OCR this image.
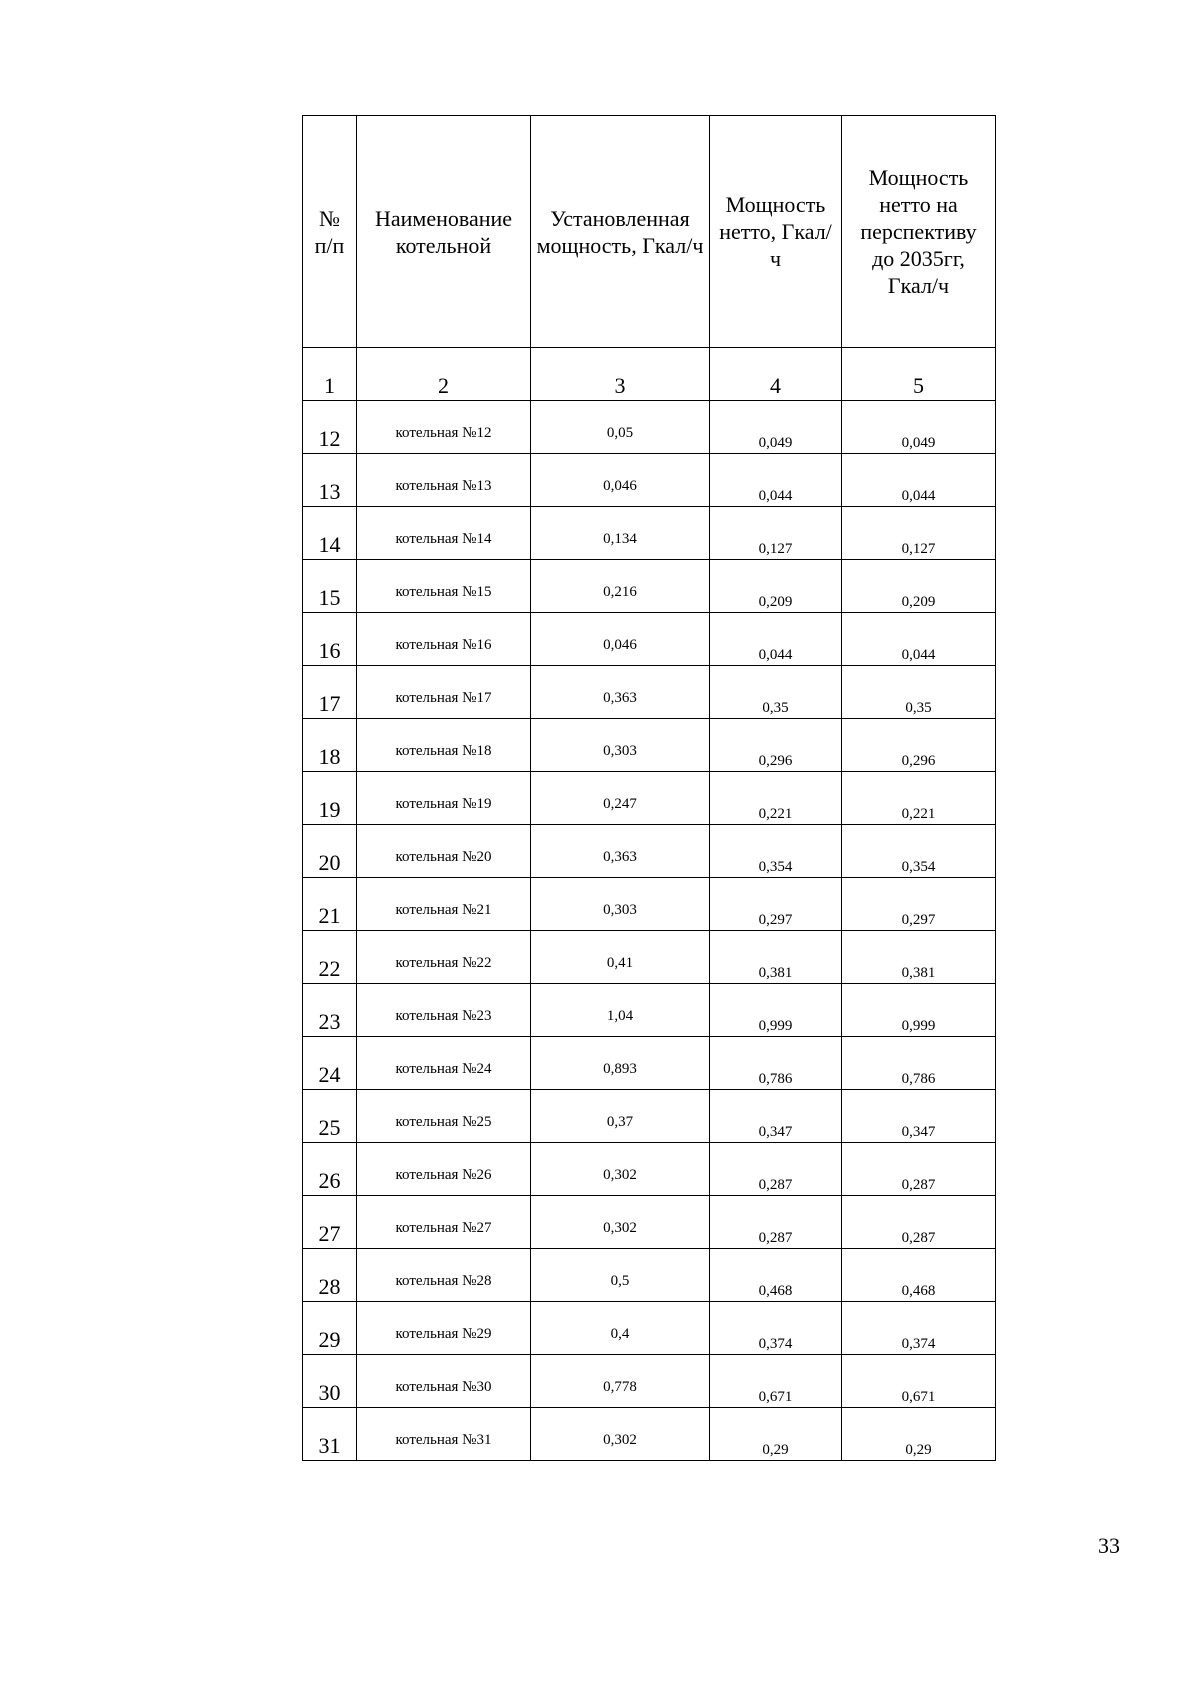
№ п/п	Наименование котельной	Установленная мощность, Гкал/ч	Мощность нетто, Гкал/ч	Мощность нетто на перспективу до 2035гг, Гкал/ч
1	2	3	4	5

12	котельная №12	0,05	0,049	0,049

13	котельная №13	0,046	0,044	0,044

14	котельная №14	0,134	0,127	0,127

15	котельная №15	0,216	0,209	0,209

16	котельная №16	0,046	0,044	0,044

17	котельная №17	0,363	0,35	0,35

18	котельная №18	0,303	0,296	0,296

19	котельная №19	0,247	0,221	0,221

20	котельная №20	0,363	0,354	0,354

21	котельная №21	0,303	0,297	0,297

22	котельная №22	0,41	0,381	0,381

23	котельная №23	1,04	0,999	0,999

24	котельная №24	0,893	0,786	0,786

25	котельная №25	0,37	0,347	0,347

26	котельная №26	0,302	0,287	0,287

27	котельная №27	0,302	0,287	0,287

28	котельная №28	0,5	0,468	0,468

29	котельная №29	0,4	0,374	0,374

30	котельная №30	0,778	0,671	0,671

31	котельная №31	0,302	0,29	0,29
33
